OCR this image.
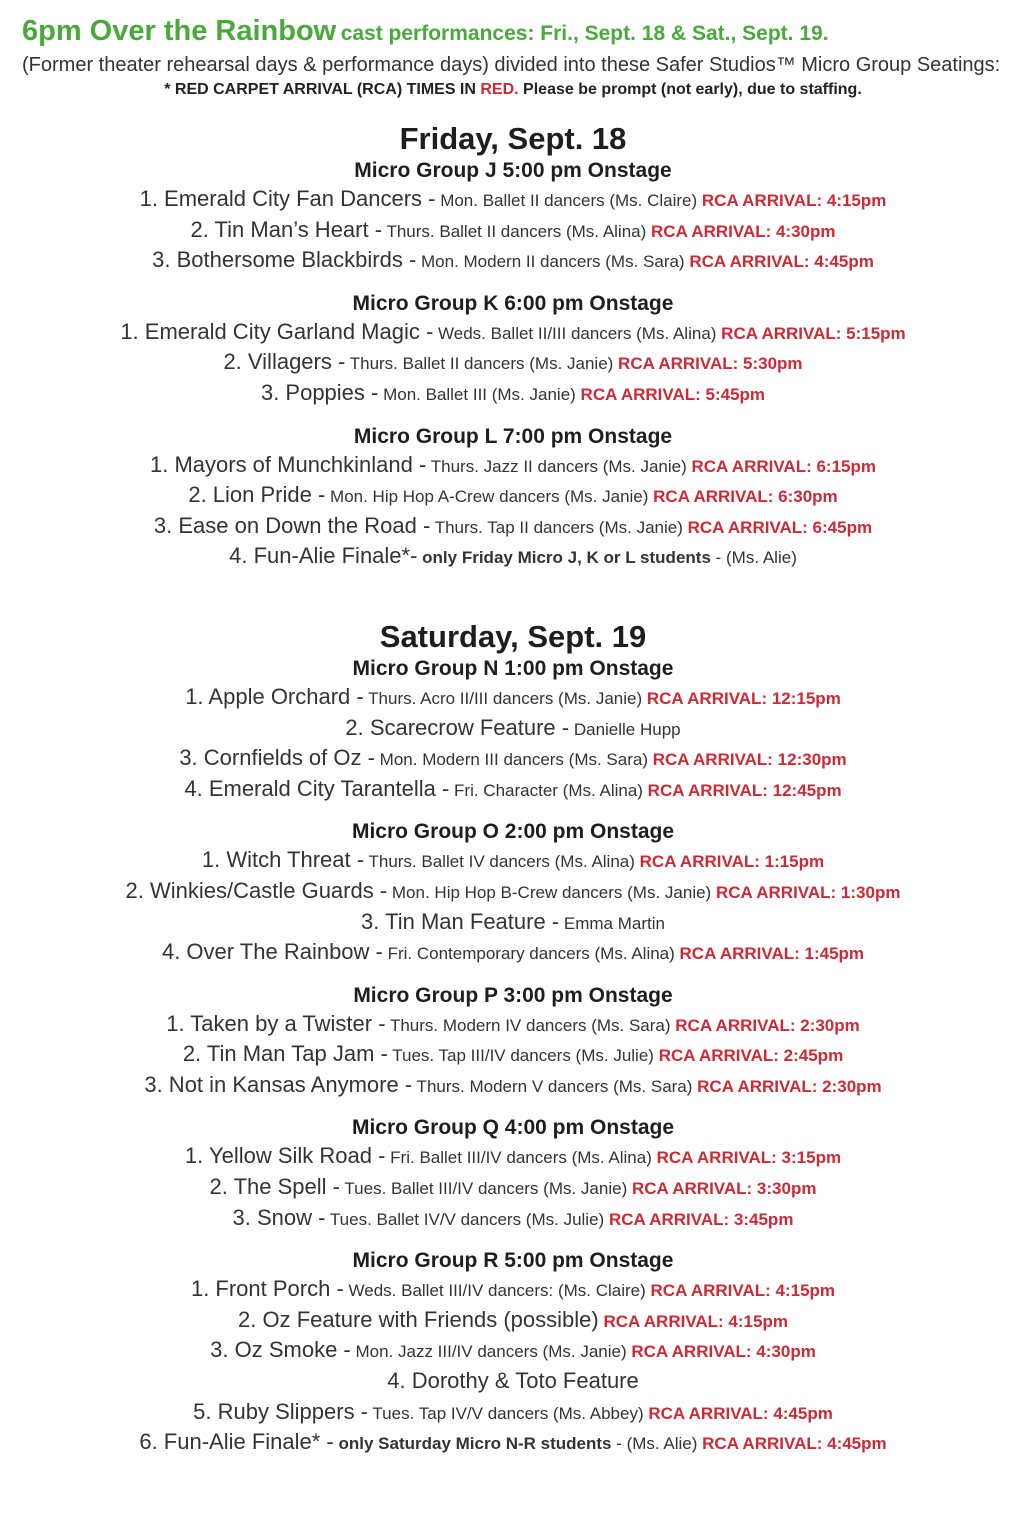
6pm Over the Rainbow cast performances: Fri., Sept. 18 & Sat., Sept. 19.
(Former theater rehearsal days & performance days) divided into these Safer Studios™ Micro Group Seatings:
* RED CARPET ARRIVAL (RCA) TIMES IN RED. Please be prompt (not early), due to staffing.
Friday, Sept. 18
Micro Group J 5:00 pm Onstage
1. Emerald City Fan Dancers - Mon. Ballet II dancers (Ms. Claire) RCA ARRIVAL: 4:15pm
2. Tin Man’s Heart - Thurs. Ballet II dancers (Ms. Alina) RCA ARRIVAL: 4:30pm
3. Bothersome Blackbirds - Mon. Modern II dancers (Ms. Sara) RCA ARRIVAL: 4:45pm
Micro Group K 6:00 pm Onstage
1. Emerald City Garland Magic - Weds. Ballet II/III dancers (Ms. Alina) RCA ARRIVAL: 5:15pm
2. Villagers - Thurs. Ballet II dancers (Ms. Janie) RCA ARRIVAL: 5:30pm
3. Poppies - Mon. Ballet III (Ms. Janie) RCA ARRIVAL: 5:45pm
Micro Group L 7:00 pm Onstage
1. Mayors of Munchkinland - Thurs. Jazz II dancers (Ms. Janie) RCA ARRIVAL: 6:15pm
2. Lion Pride - Mon. Hip Hop A-Crew dancers (Ms. Janie) RCA ARRIVAL: 6:30pm
3. Ease on Down the Road - Thurs. Tap II dancers (Ms. Janie) RCA ARRIVAL: 6:45pm
4. Fun-Alie Finale*- only Friday Micro J, K or L students - (Ms. Alie)
Saturday, Sept. 19
Micro Group N 1:00 pm Onstage
1. Apple Orchard - Thurs. Acro II/III dancers (Ms. Janie) RCA ARRIVAL: 12:15pm
2. Scarecrow Feature - Danielle Hupp
3. Cornfields of Oz - Mon. Modern III dancers (Ms. Sara) RCA ARRIVAL: 12:30pm
4. Emerald City Tarantella - Fri. Character (Ms. Alina) RCA ARRIVAL: 12:45pm
Micro Group O 2:00 pm Onstage
1. Witch Threat - Thurs. Ballet IV dancers (Ms. Alina) RCA ARRIVAL: 1:15pm
2. Winkies/Castle Guards - Mon. Hip Hop B-Crew dancers (Ms. Janie) RCA ARRIVAL: 1:30pm
3. Tin Man Feature - Emma Martin
4. Over The Rainbow - Fri. Contemporary dancers (Ms. Alina) RCA ARRIVAL: 1:45pm
Micro Group P 3:00 pm Onstage
1. Taken by a Twister - Thurs. Modern IV dancers (Ms. Sara) RCA ARRIVAL: 2:30pm
2. Tin Man Tap Jam - Tues. Tap III/IV dancers (Ms. Julie) RCA ARRIVAL: 2:45pm
3. Not in Kansas Anymore - Thurs. Modern V dancers (Ms. Sara) RCA ARRIVAL: 2:30pm
Micro Group Q 4:00 pm Onstage
1. Yellow Silk Road - Fri. Ballet III/IV dancers (Ms. Alina) RCA ARRIVAL: 3:15pm
2. The Spell - Tues. Ballet III/IV dancers (Ms. Janie) RCA ARRIVAL: 3:30pm
3. Snow - Tues. Ballet IV/V dancers (Ms. Julie) RCA ARRIVAL: 3:45pm
Micro Group R 5:00 pm Onstage
1. Front Porch - Weds. Ballet III/IV dancers: (Ms. Claire) RCA ARRIVAL: 4:15pm
2. Oz Feature with Friends (possible) RCA ARRIVAL: 4:15pm
3. Oz Smoke - Mon. Jazz III/IV dancers (Ms. Janie) RCA ARRIVAL: 4:30pm
4. Dorothy & Toto Feature
5. Ruby Slippers - Tues. Tap IV/V dancers (Ms. Abbey) RCA ARRIVAL: 4:45pm
6. Fun-Alie Finale* - only Saturday Micro N-R students - (Ms. Alie) RCA ARRIVAL: 4:45pm
